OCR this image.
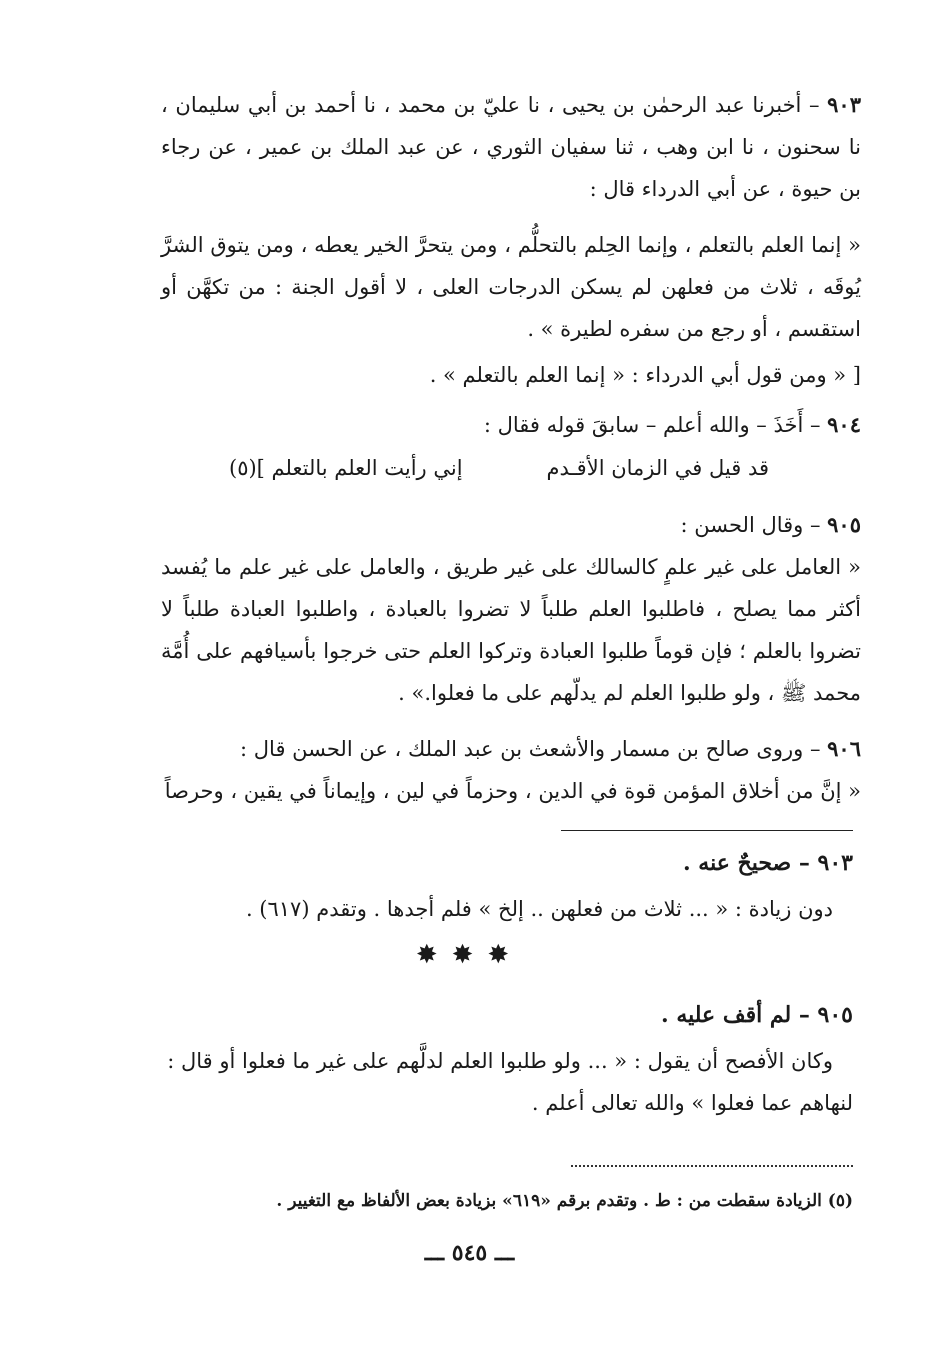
٩٠٣ – أخبرنا عبد الرحمٰن بن يحيى ، نا عليّ بن محمد ، نا أحمد بن أبي سليمان ، نا سحنون ، نا ابن وهب ، ثنا سفيان الثوري ، عن عبد الملك بن عمير ، عن رجاء بن حيوة ، عن أبي الدرداء قال :
« إنما العلم بالتعلم ، وإنما الحِلم بالتحلُّم ، ومن يتحرَّ الخير يعطه ، ومن يتوق الشرَّ يُوقَه ، ثلاث من فعلهن لم يسكن الدرجات العلى ، لا أقول الجنة : من تكهَّن أو استقسم ، أو رجع من سفره لطيرة » .
[ « ومن قول أبي الدرداء : « إنما العلم بالتعلم » .
٩٠٤ – أَخَذَ – والله أعلم – سابقَ قوله فقال :
قد قيل في الزمان الأقـدم
إني رأيت العلم بالتعلم ](٥)
٩٠٥ – وقال الحسن :
« العامل على غير علمٍ كالسالك على غير طريق ، والعامل على غير علم ما يُفسد أكثر مما يصلح ، فاطلبوا العلم طلباً لا تضروا بالعبادة ، واطلبوا العبادة طلباً لا تضروا بالعلم ؛ فإن قوماً طلبوا العبادة وتركوا العلم حتى خرجوا بأسيافهم على أُمَّة محمد ﷺ ، ولو طلبوا العلم لم يدلّهم على ما فعلوا.» .
٩٠٦ – وروى صالح بن مسمار والأشعث بن عبد الملك ، عن الحسن قال :
« إنَّ من أخلاق المؤمن قوة في الدين ، وحزماً في لين ، وإيماناً في يقين ، وحرصاً
٩٠٣ – صحيحٌ عنه .
دون زيادة : « ... ثلاث من فعلهن .. إلخ » فلم أجدها . وتقدم (٦١٧) .
✸✸✸
٩٠٥ – لم أقف عليه .
وكان الأفصح أن يقول : « ... ولو طلبوا العلم لدلَّهم على غير ما فعلوا أو قال : لنهاهم عما فعلوا » والله تعالى أعلم .
(٥) الزيادة سقطت من : ط . وتقدم برقم «٦١٩» بزيادة بعض الألفاظ مع التغيير .
ـــ ٥٤٥ ـــ
